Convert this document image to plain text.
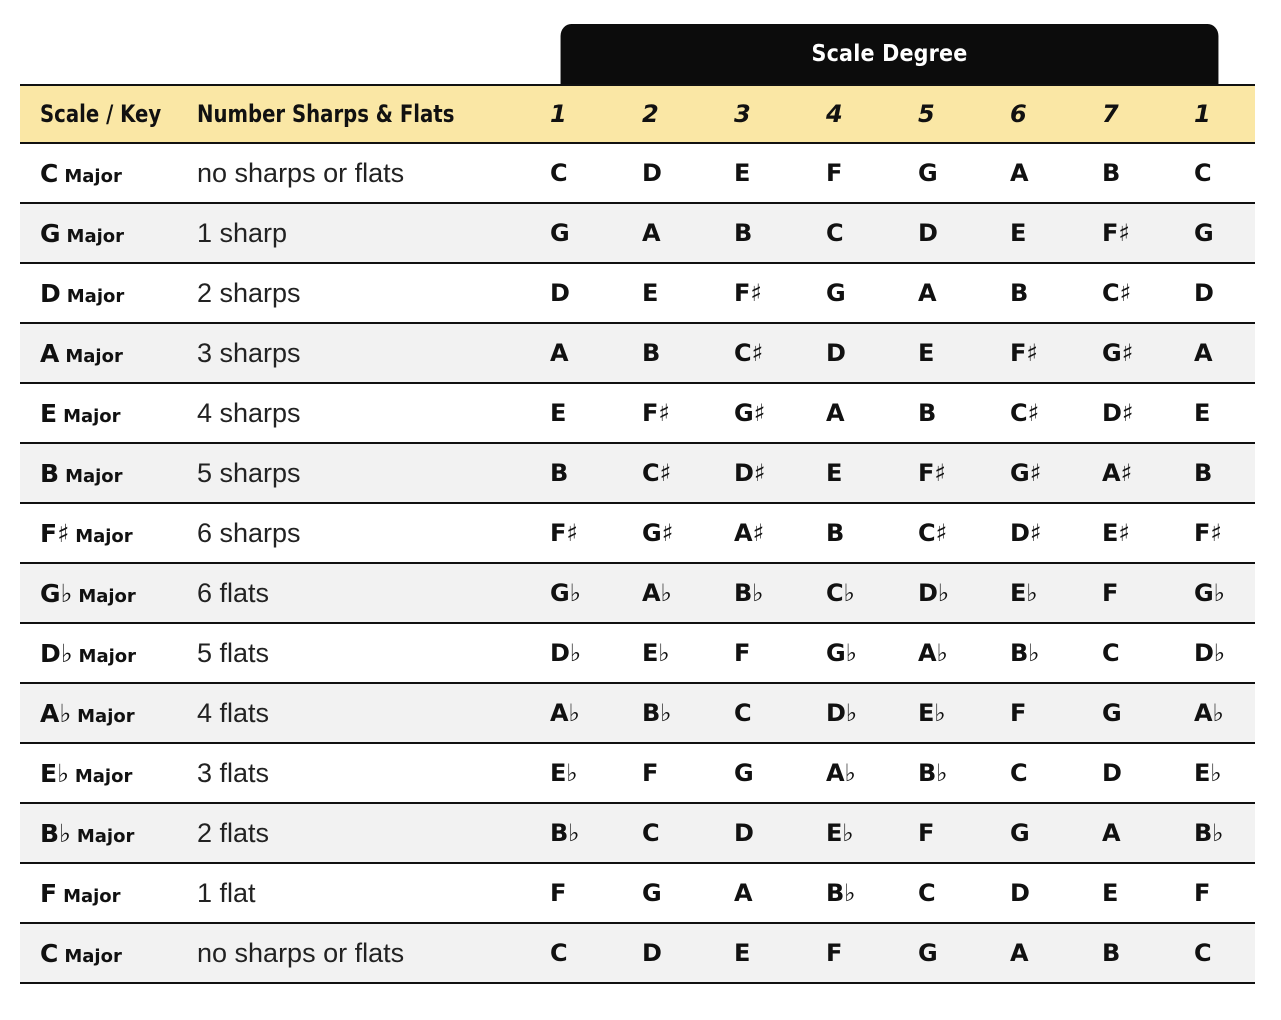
Scale Degree
Scale / Key	Number Sharps & Flats	1	2	3	4	5	6	7	1
C Major	no sharps or flats	C	D	E	F	G	A	B	C
G Major	1 sharp	G	A	B	C	D	E	F♯	G
D Major	2 sharps	D	E	F♯	G	A	B	C♯	D
A Major	3 sharps	A	B	C♯	D	E	F♯	G♯	A
E Major	4 sharps	E	F♯	G♯	A	B	C♯	D♯	E
B Major	5 sharps	B	C♯	D♯	E	F♯	G♯	A♯	B
F♯ Major	6 sharps	F♯	G♯	A♯	B	C♯	D♯	E♯	F♯
G♭ Major	6 flats	G♭	A♭	B♭	C♭	D♭	E♭	F	G♭
D♭ Major	5 flats	D♭	E♭	F	G♭	A♭	B♭	C	D♭
A♭ Major	4 flats	A♭	B♭	C	D♭	E♭	F	G	A♭
E♭ Major	3 flats	E♭	F	G	A♭	B♭	C	D	E♭
B♭ Major	2 flats	B♭	C	D	E♭	F	G	A	B♭
F Major	1 flat	F	G	A	B♭	C	D	E	F
C Major	no sharps or flats	C	D	E	F	G	A	B	C
